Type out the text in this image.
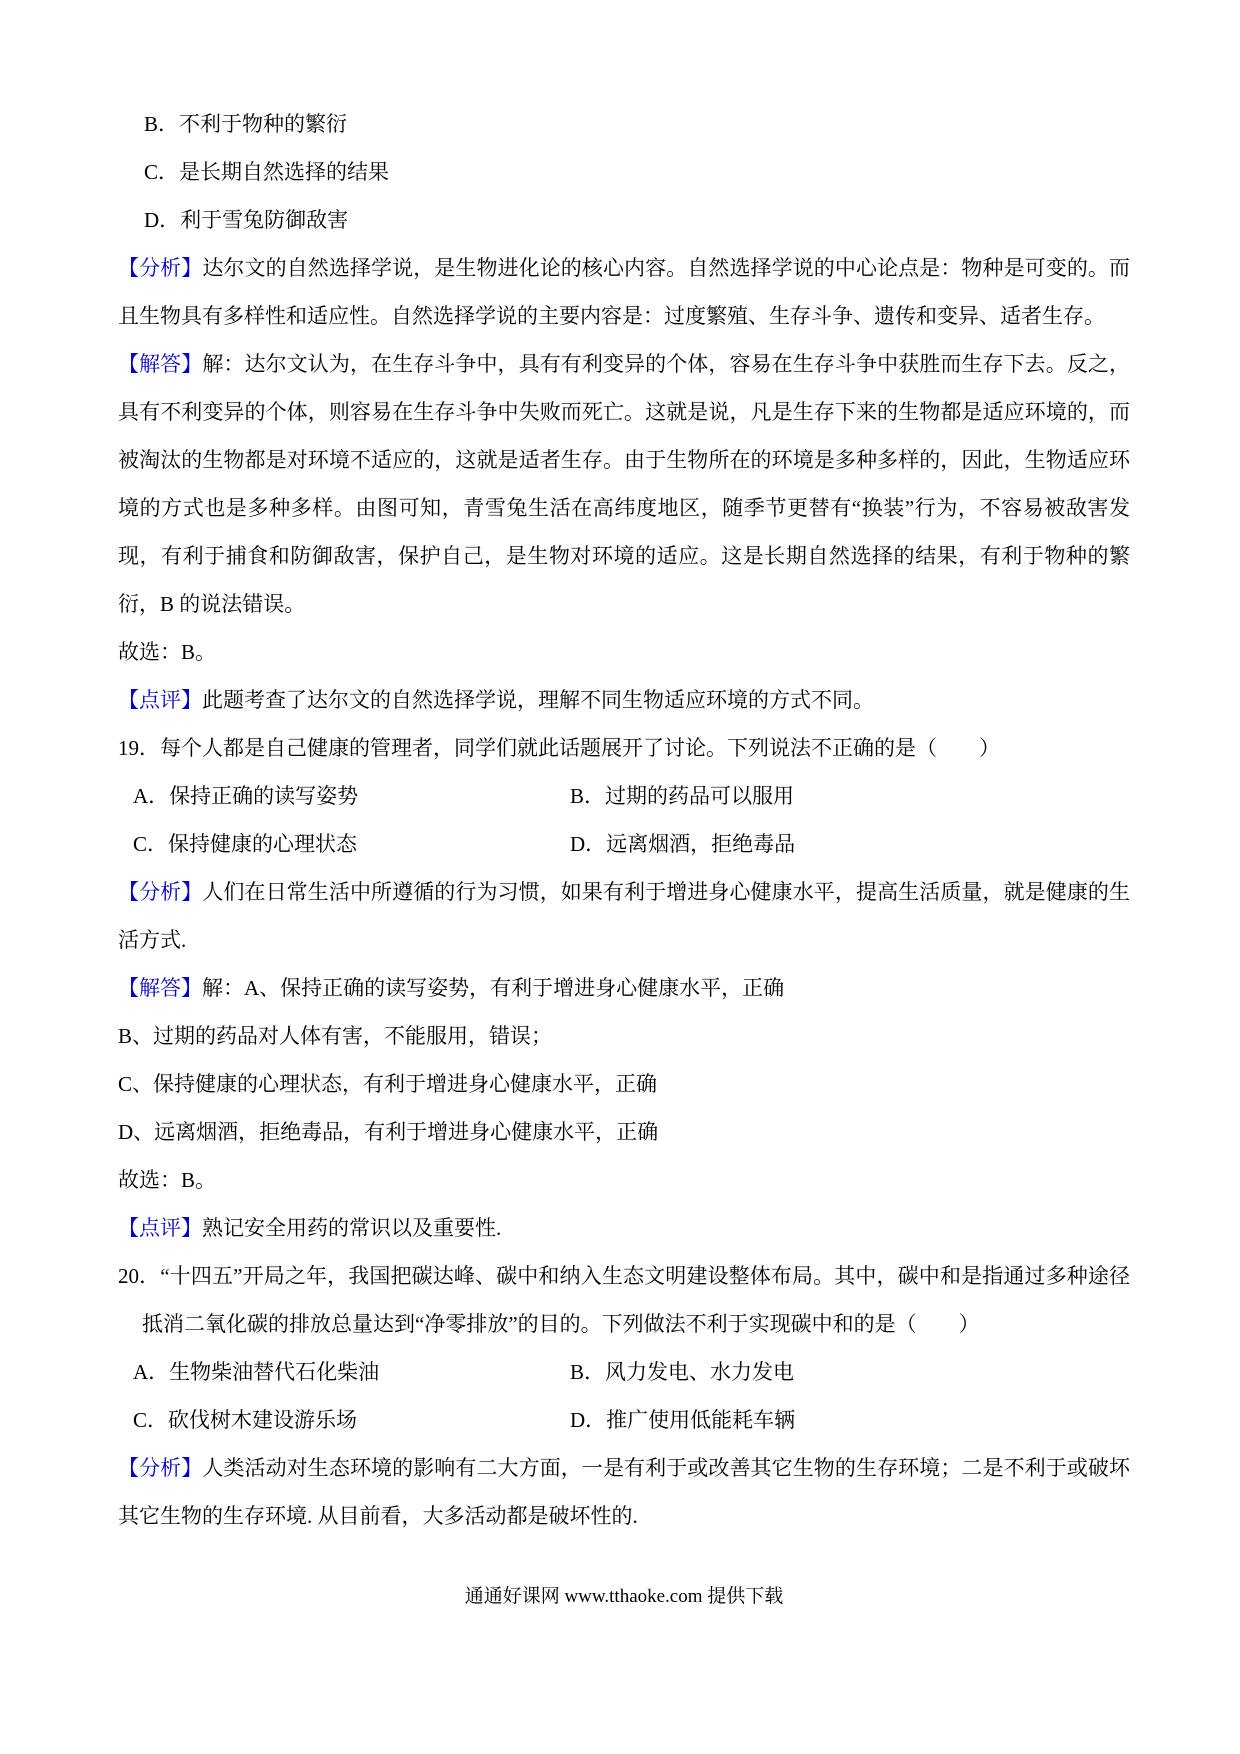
B．不利于物种的繁衍

C．是长期自然选择的结果

D．利于雪兔防御敌害

【分析】达尔文的自然选择学说，是生物进化论的核心内容。自然选择学说的中心论点是：物种是可变的。而且生物具有多样性和适应性。自然选择学说的主要内容是：过度繁殖、生存斗争、遗传和变异、适者生存。

【解答】解：达尔文认为，在生存斗争中，具有有利变异的个体，容易在生存斗争中获胜而生存下去。反之，具有不利变异的个体，则容易在生存斗争中失败而死亡。这就是说，凡是生存下来的生物都是适应环境的，而被淘汰的生物都是对环境不适应的，这就是适者生存。由于生物所在的环境是多种多样的，因此，生物适应环境的方式也是多种多样。由图可知，青雪兔生活在高纬度地区，随季节更替有“换装”行为，不容易被敌害发现，有利于捕食和防御敌害，保护自己，是生物对环境的适应。这是长期自然选择的结果，有利于物种的繁衍，B 的说法错误。

故选：B。

【点评】此题考查了达尔文的自然选择学说，理解不同生物适应环境的方式不同。

19．每个人都是自己健康的管理者，同学们就此话题展开了讨论。下列说法不正确的是（　　）

A．保持正确的读写姿势	B．过期的药品可以服用
C．保持健康的心理状态	D．远离烟酒，拒绝毒品

【分析】人们在日常生活中所遵循的行为习惯，如果有利于增进身心健康水平，提高生活质量，就是健康的生活方式.

【解答】解：A、保持正确的读写姿势，有利于增进身心健康水平，正确

B、过期的药品对人体有害，不能服用，错误；

C、保持健康的心理状态，有利于增进身心健康水平，正确

D、远离烟酒，拒绝毒品，有利于增进身心健康水平，正确

故选：B。

【点评】熟记安全用药的常识以及重要性.

20．“十四五”开局之年，我国把碳达峰、碳中和纳入生态文明建设整体布局。其中，碳中和是指通过多种途径抵消二氧化碳的排放总量达到“净零排放”的目的。下列做法不利于实现碳中和的是（　　）

A．生物柴油替代石化柴油	B．风力发电、水力发电
C．砍伐树木建设游乐场	D．推广使用低能耗车辆

【分析】人类活动对生态环境的影响有二大方面，一是有利于或改善其它生物的生存环境；二是不利于或破坏其它生物的生存环境. 从目前看，大多活动都是破坏性的.

通通好课网 www.tthaoke.com 提供下载
